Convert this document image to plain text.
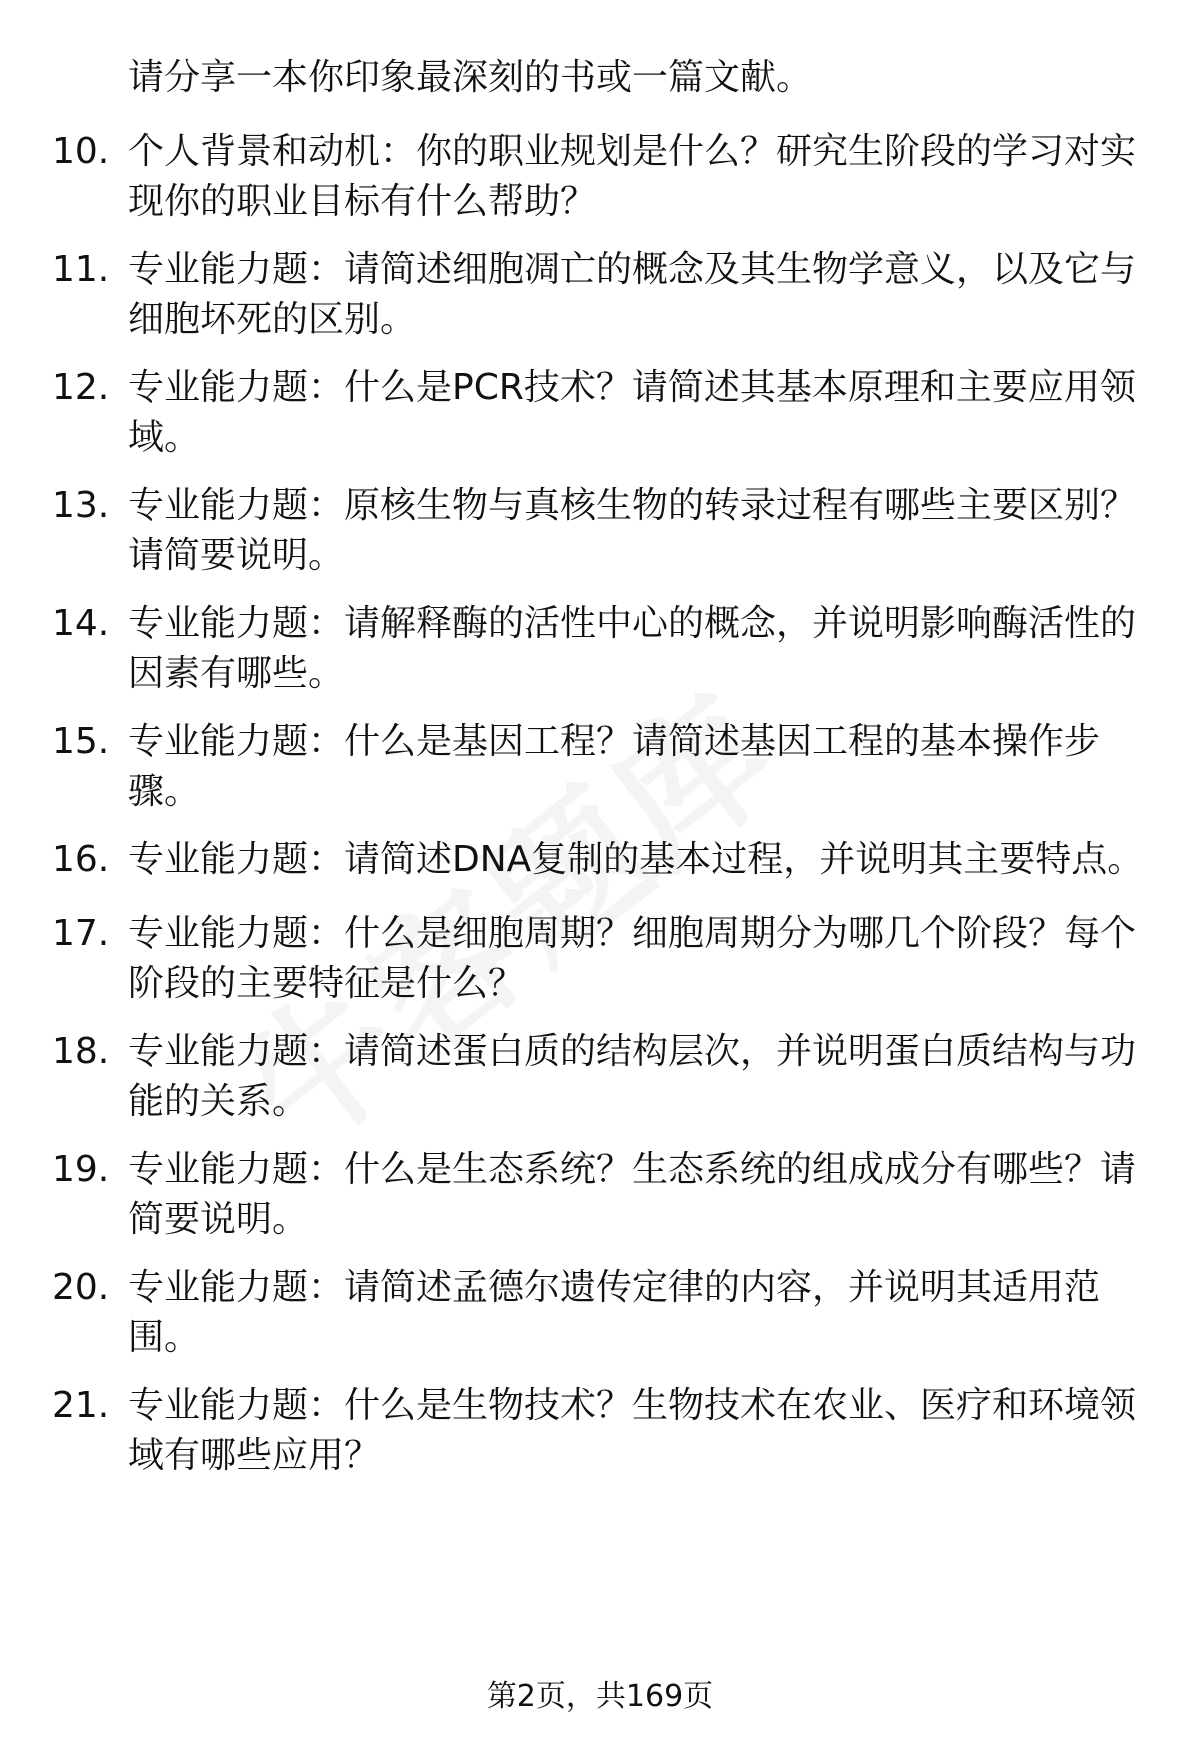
请分享一本你印象最深刻的书或一篇文献。
10. 个人背景和动机：你的职业规划是什么？研究生阶段的学习对实
现你的职业目标有什么帮助？
11. 专业能力题：请简述细胞凋亡的概念及其生物学意义，以及它与
细胞坏死的区别。
12. 专业能力题：什么是PCR技术？请简述其基本原理和主要应用领
域。
13. 专业能力题：原核生物与真核生物的转录过程有哪些主要区别？
请简要说明。
14. 专业能力题：请解释酶的活性中心的概念，并说明影响酶活性的
因素有哪些。
15. 专业能力题：什么是基因工程？请简述基因工程的基本操作步
骤。
16. 专业能力题：请简述DNA复制的基本过程，并说明其主要特点。
17. 专业能力题：什么是细胞周期？细胞周期分为哪几个阶段？每个
阶段的主要特征是什么？
18. 专业能力题：请简述蛋白质的结构层次，并说明蛋白质结构与功
能的关系。
19. 专业能力题：什么是生态系统？生态系统的组成成分有哪些？请
简要说明。
20. 专业能力题：请简述孟德尔遗传定律的内容，并说明其适用范
围。
21. 专业能力题：什么是生物技术？生物技术在农业、医疗和环境领
域有哪些应用？
第2页，共169页
